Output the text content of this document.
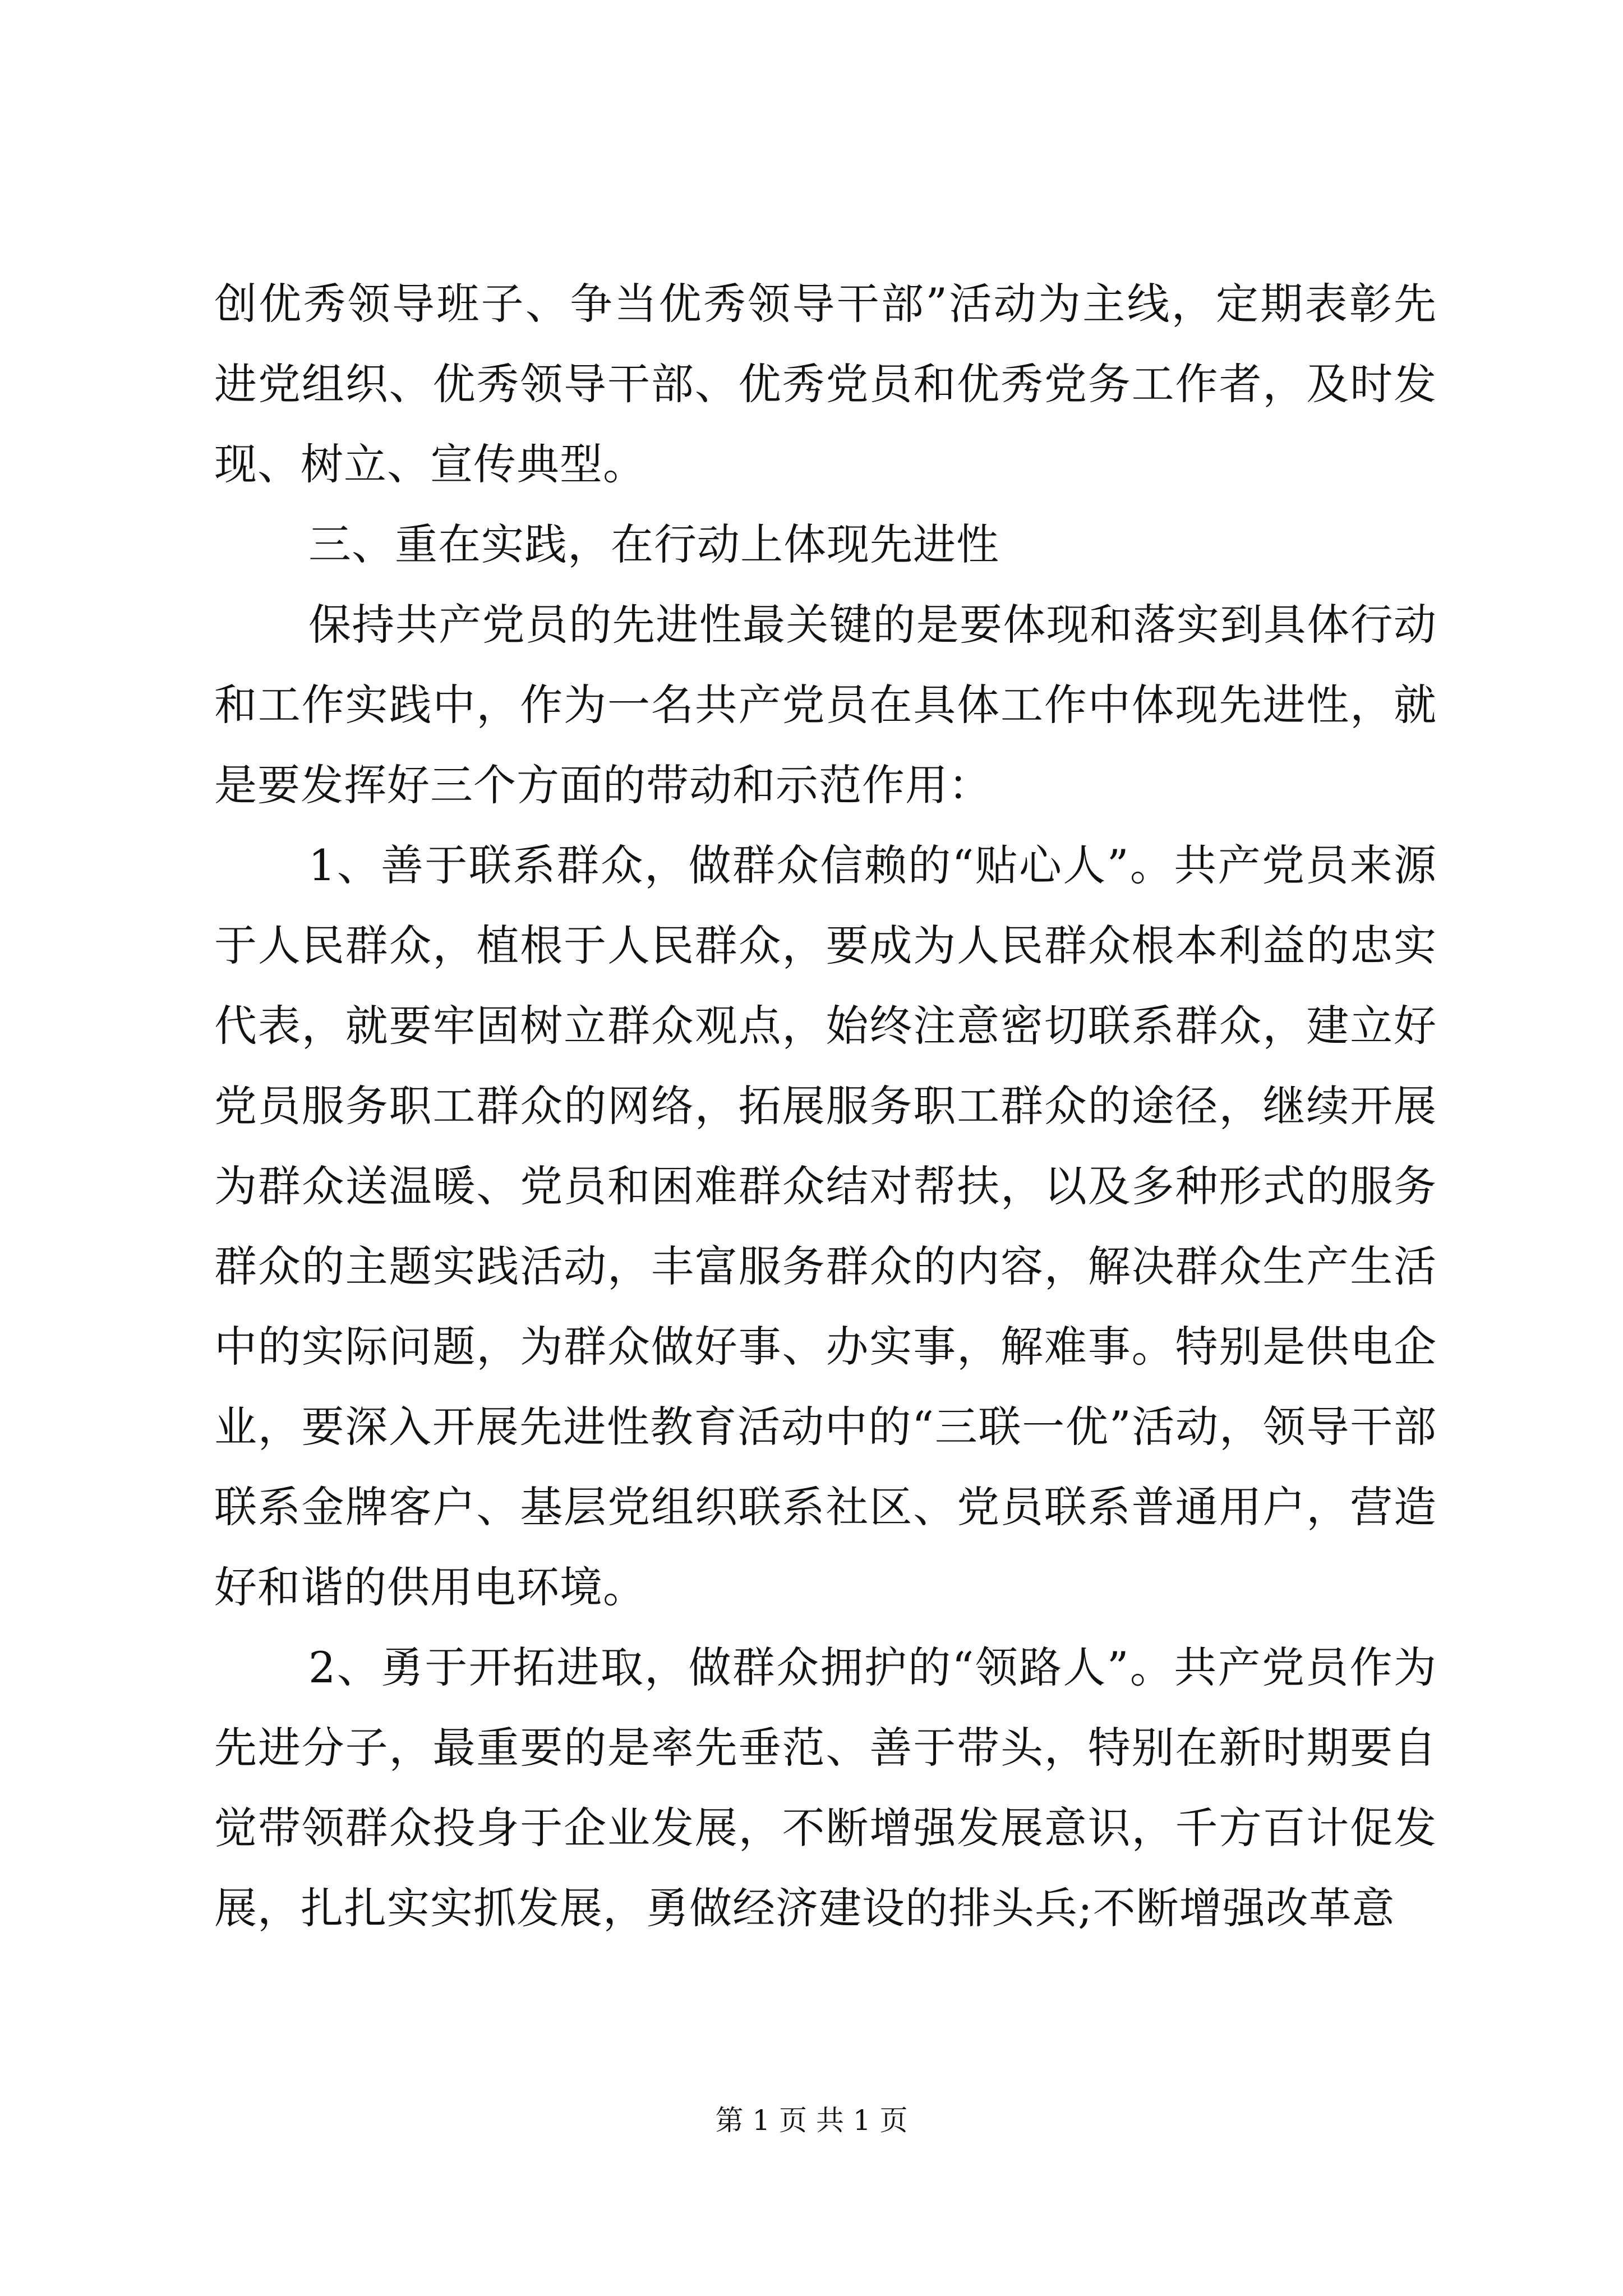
创优秀领导班子、争当优秀领导干部”活动为主线，定期表彰先进党组织、优秀领导干部、优秀党员和优秀党务工作者，及时发现、树立、宣传典型。

三、重在实践，在行动上体现先进性

保持共产党员的先进性最关键的是要体现和落实到具体行动和工作实践中，作为一名共产党员在具体工作中体现先进性，就是要发挥好三个方面的带动和示范作用：

1、善于联系群众，做群众信赖的“贴心人”。共产党员来源于人民群众，植根于人民群众，要成为人民群众根本利益的忠实代表，就要牢固树立群众观点，始终注意密切联系群众，建立好党员服务职工群众的网络，拓展服务职工群众的途径，继续开展为群众送温暖、党员和困难群众结对帮扶，以及多种形式的服务群众的主题实践活动，丰富服务群众的内容，解决群众生产生活中的实际问题，为群众做好事、办实事，解难事。特别是供电企业，要深入开展先进性教育活动中的“三联一优”活动，领导干部联系金牌客户、基层党组织联系社区、党员联系普通用户，营造好和谐的供用电环境。

2、勇于开拓进取，做群众拥护的“领路人”。共产党员作为先进分子，最重要的是率先垂范、善于带头，特别在新时期要自觉带领群众投身于企业发展，不断增强发展意识，千方百计促发展，扎扎实实抓发展，勇做经济建设的排头兵;不断增强改革意

第 1 页 共 1 页
